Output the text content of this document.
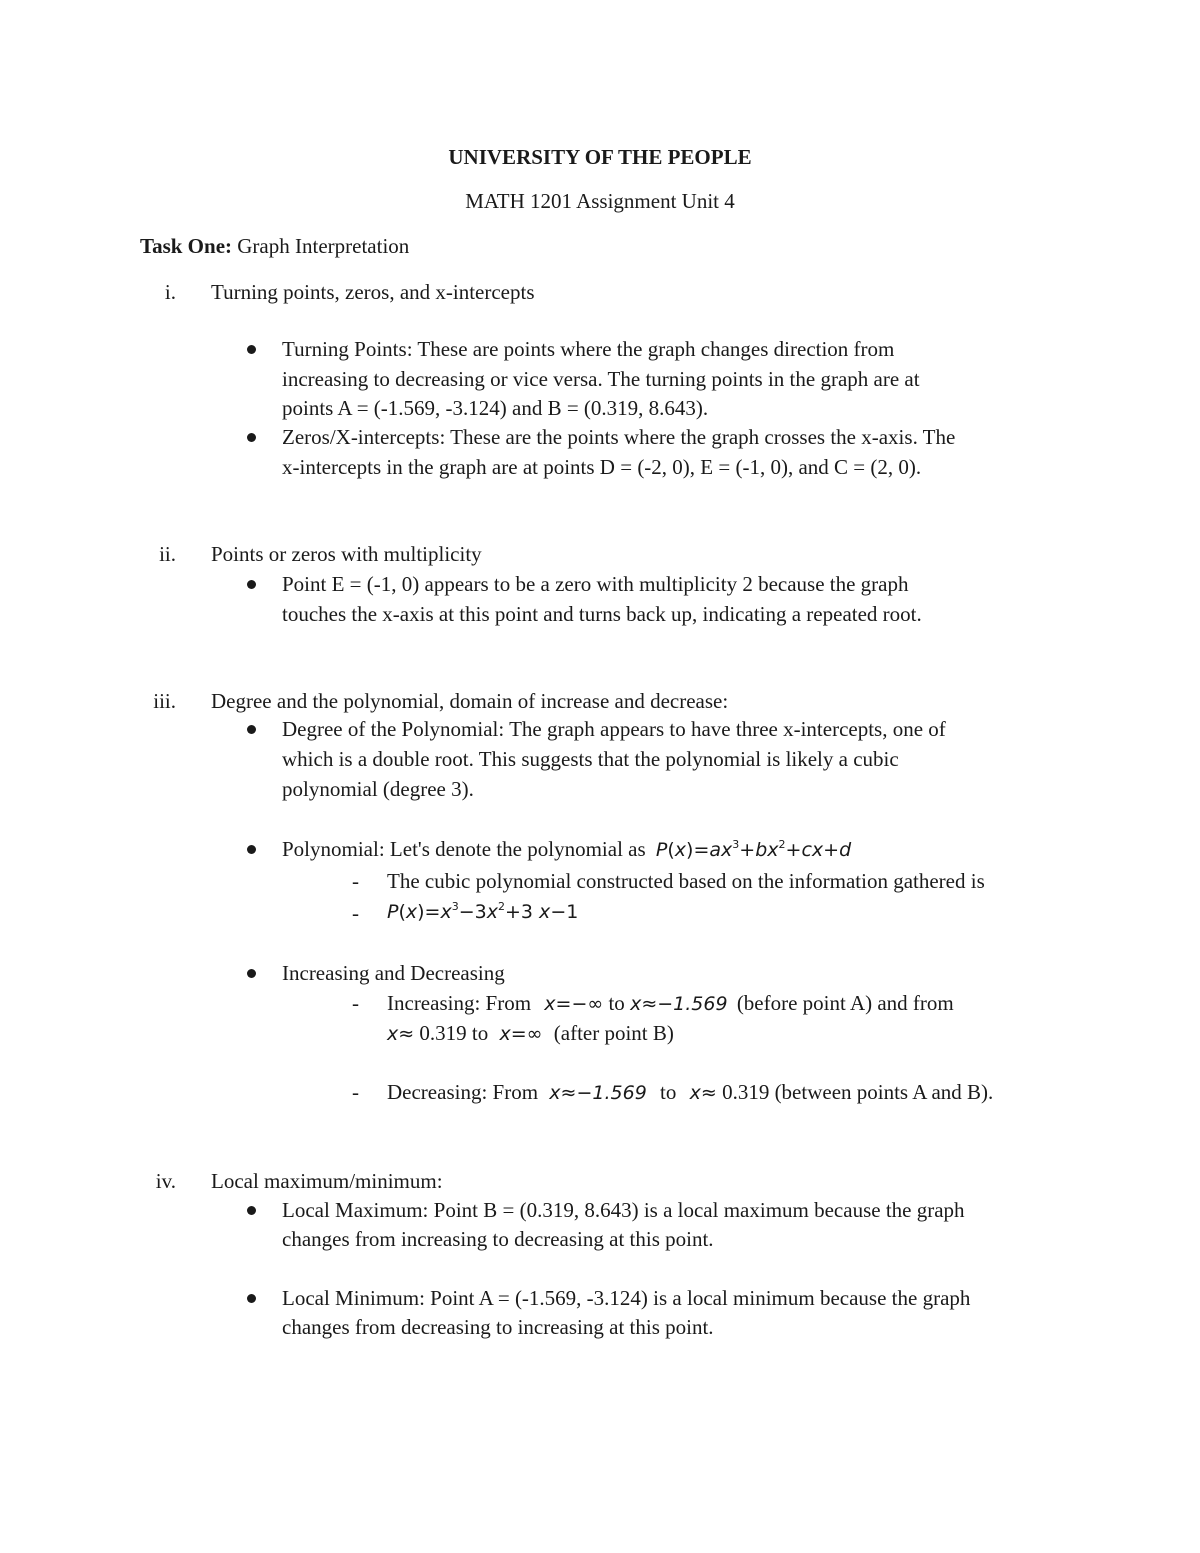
UNIVERSITY OF THE PEOPLE
MATH 1201 Assignment Unit 4
Task One: Graph Interpretation
i. Turning points, zeros, and x-intercepts
Turning Points: These are points where the graph changes direction from
increasing to decreasing or vice versa. The turning points in the graph are at
points A = (-1.569, -3.124) and B = (0.319, 8.643).
Zeros/X-intercepts: These are the points where the graph crosses the x-axis. The
x-intercepts in the graph are at points D = (-2, 0), E = (-1, 0), and C = (2, 0).
ii. Points or zeros with multiplicity
Point E = (-1, 0) appears to be a zero with multiplicity 2 because the graph
touches the x-axis at this point and turns back up, indicating a repeated root.
iii. Degree and the polynomial, domain of increase and decrease:
Degree of the Polynomial: The graph appears to have three x-intercepts, one of
which is a double root. This suggests that the polynomial is likely a cubic
polynomial (degree 3).
Polynomial: Let's denote the polynomial as $P(x)=ax^3+bx^2+cx+d$
- The cubic polynomial constructed based on the information gathered is
- $P(x)=x^3-3x^2+3$ x−1
Increasing and Decreasing
- Increasing: From x=−∞ to x≈−1.569 (before point A) and from
x≈ 0.319 to x=∞ (after point B)
- Decreasing: From x≈−1.569 to x≈ 0.319 (between points A and B).
iv. Local maximum/minimum:
Local Maximum: Point B = (0.319, 8.643) is a local maximum because the graph
changes from increasing to decreasing at this point.
Local Minimum: Point A = (-1.569, -3.124) is a local minimum because the graph
changes from decreasing to increasing at this point.
